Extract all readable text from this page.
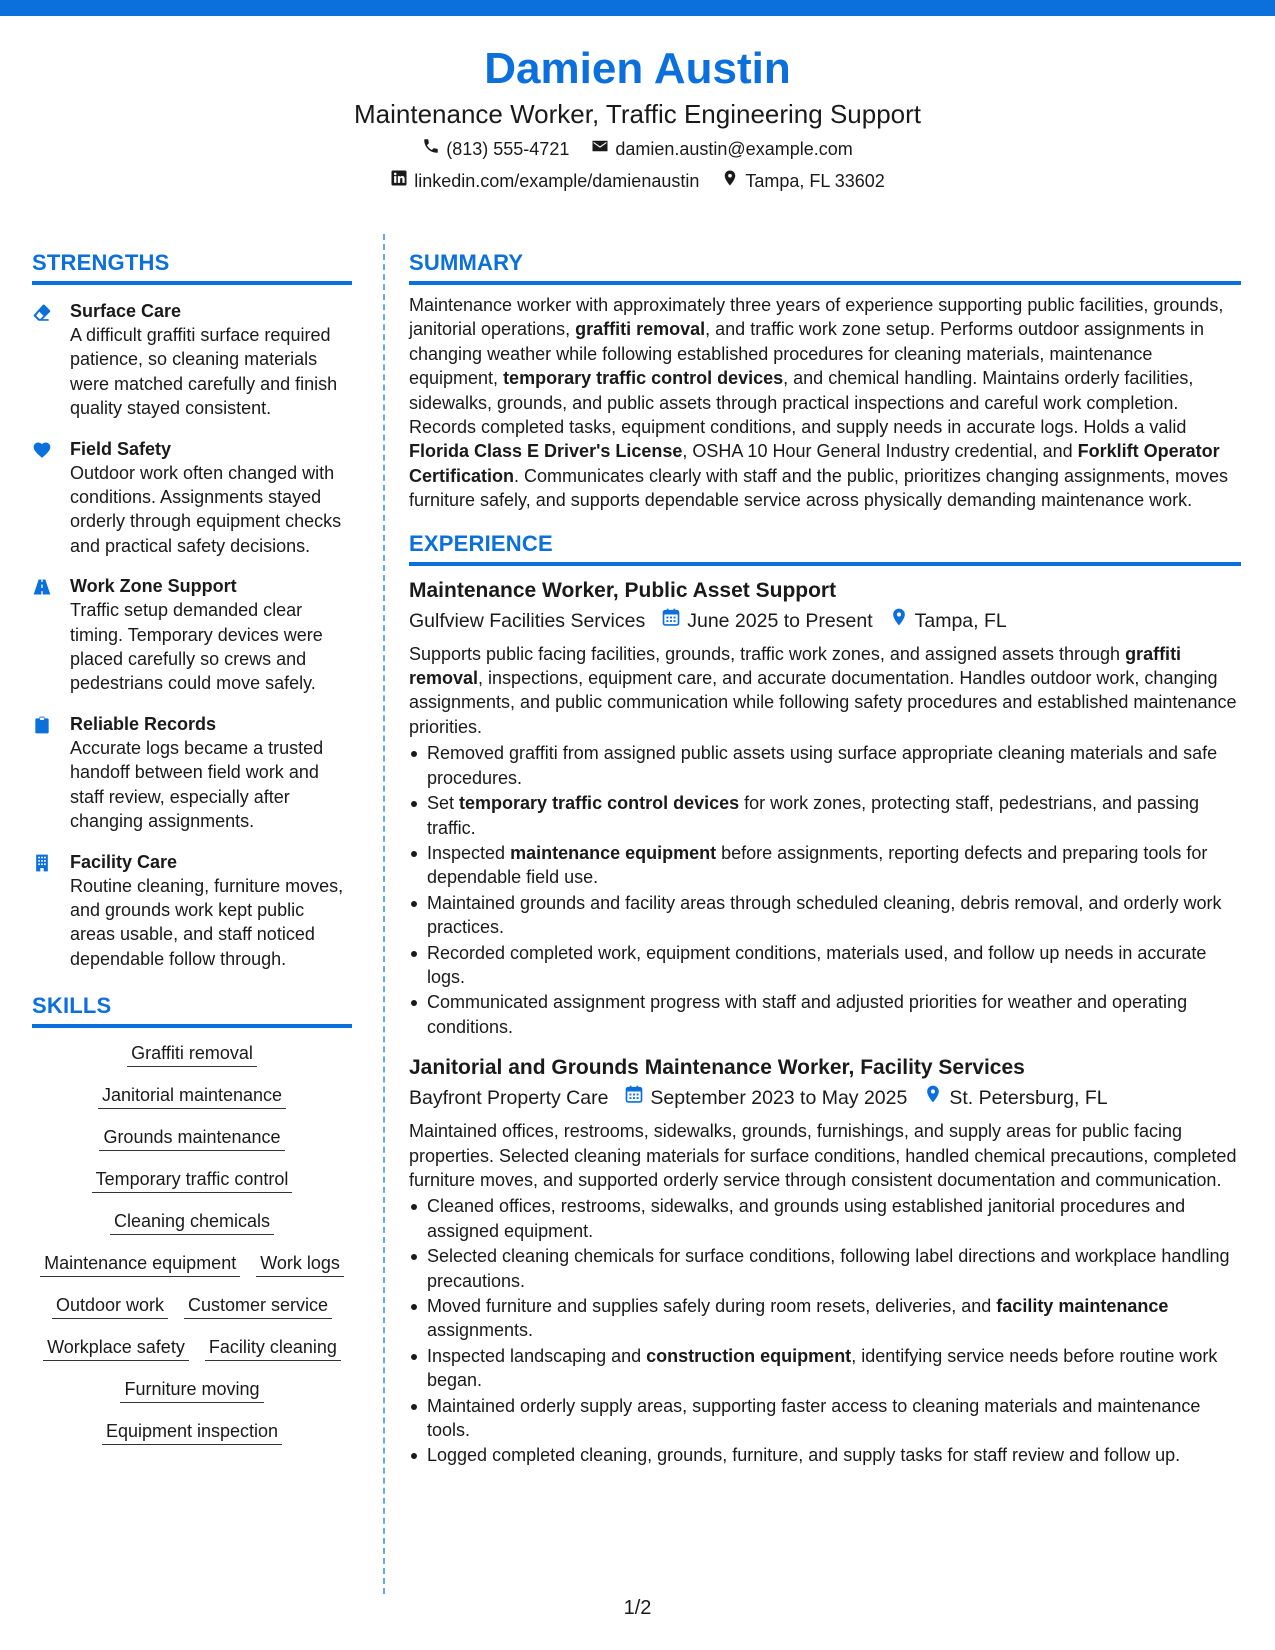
Damien Austin
Maintenance Worker, Traffic Engineering Support
(813) 555-4721	damien.austin@example.com
linkedin.com/example/damienaustin	Tampa, FL 33602
STRENGTHS
Surface Care
A difficult graffiti surface required patience, so cleaning materials were matched carefully and finish quality stayed consistent.
Field Safety
Outdoor work often changed with conditions. Assignments stayed orderly through equipment checks and practical safety decisions.
Work Zone Support
Traffic setup demanded clear timing. Temporary devices were placed carefully so crews and pedestrians could move safely.
Reliable Records
Accurate logs became a trusted handoff between field work and staff review, especially after changing assignments.
Facility Care
Routine cleaning, furniture moves, and grounds work kept public areas usable, and staff noticed dependable follow through.
SKILLS
Graffiti removal
Janitorial maintenance
Grounds maintenance
Temporary traffic control
Cleaning chemicals
Maintenance equipment Work logs
Outdoor work Customer service
Workplace safety Facility cleaning
Furniture moving
Equipment inspection
SUMMARY
Maintenance worker with approximately three years of experience supporting public facilities, grounds, janitorial operations, graffiti removal, and traffic work zone setup. Performs outdoor assignments in changing weather while following established procedures for cleaning materials, maintenance equipment, temporary traffic control devices, and chemical handling. Maintains orderly facilities, sidewalks, grounds, and public assets through practical inspections and careful work completion. Records completed tasks, equipment conditions, and supply needs in accurate logs. Holds a valid Florida Class E Driver's License, OSHA 10 Hour General Industry credential, and Forklift Operator Certification. Communicates clearly with staff and the public, prioritizes changing assignments, moves furniture safely, and supports dependable service across physically demanding maintenance work.
EXPERIENCE
Maintenance Worker, Public Asset Support
Gulfview Facilities Services June 2025 to Present Tampa, FL
Supports public facing facilities, grounds, traffic work zones, and assigned assets through graffiti removal, inspections, equipment care, and accurate documentation. Handles outdoor work, changing assignments, and public communication while following safety procedures and established maintenance priorities.
Removed graffiti from assigned public assets using surface appropriate cleaning materials and safe procedures.
Set temporary traffic control devices for work zones, protecting staff, pedestrians, and passing traffic.
Inspected maintenance equipment before assignments, reporting defects and preparing tools for dependable field use.
Maintained grounds and facility areas through scheduled cleaning, debris removal, and orderly work practices.
Recorded completed work, equipment conditions, materials used, and follow up needs in accurate logs.
Communicated assignment progress with staff and adjusted priorities for weather and operating conditions.
Janitorial and Grounds Maintenance Worker, Facility Services
Bayfront Property Care September 2023 to May 2025 St. Petersburg, FL
Maintained offices, restrooms, sidewalks, grounds, furnishings, and supply areas for public facing properties. Selected cleaning materials for surface conditions, handled chemical precautions, completed furniture moves, and supported orderly service through consistent documentation and communication.
Cleaned offices, restrooms, sidewalks, and grounds using established janitorial procedures and assigned equipment.
Selected cleaning chemicals for surface conditions, following label directions and workplace handling precautions.
Moved furniture and supplies safely during room resets, deliveries, and facility maintenance assignments.
Inspected landscaping and construction equipment, identifying service needs before routine work began.
Maintained orderly supply areas, supporting faster access to cleaning materials and maintenance tools.
Logged completed cleaning, grounds, furniture, and supply tasks for staff review and follow up.
1/2
